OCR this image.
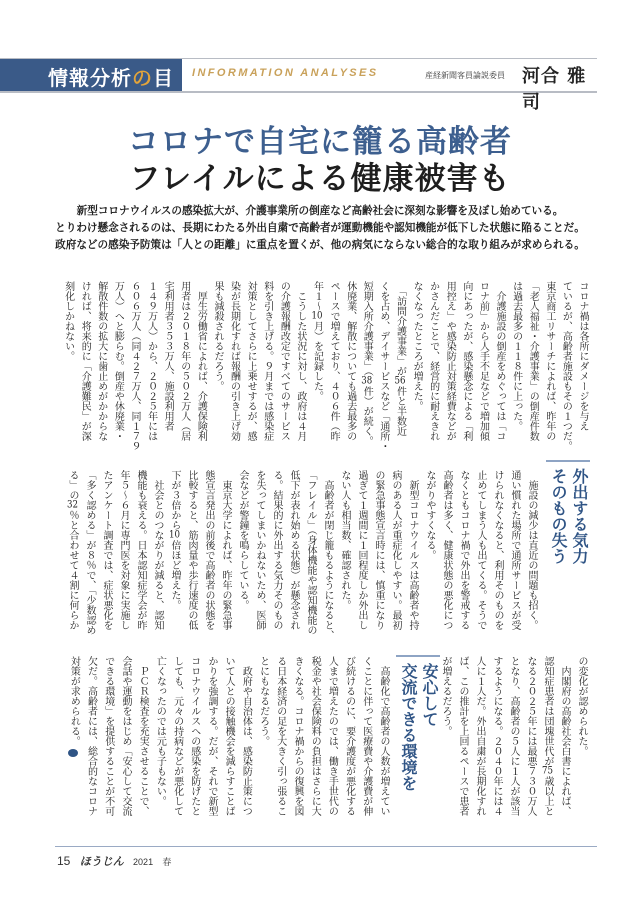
情報分析の目 INFORMATION ANALYSES	産経新聞客員論説委員 河合 雅司
コロナで自宅に籠る高齢者
フレイルによる健康被害も
新型コロナウイルスの感染拡大が、介護事業所の倒産など高齢社会に深刻な影響を及ぼし始めている。
とりわけ懸念されるのは、長期にわたる外出自粛で高齢者が運動機能や認知機能が低下した状態に陥ることだ。
政府などの感染予防策は「人との距離」に重点を置くが、他の病気にならない総合的な取り組みが求められる。
コロナ禍は各所にダメージを与え
ているが、高齢者施設もその１つだ。
東京商工リサーチによれば、昨年の
「老人福祉・介護事業」の倒産件数
は過去最多の１１８件に上った。
　介護施設の倒産をめぐっては「コ
ロナ前」から人手不足などで増加傾
向にあったが、感染懸念による「利
用控え」や感染防止対策経費などが
かさんだことで、経営的に耐えきれ
なくなったところが増えた。
　「訪問介護事業」が56件と半数近
くを占め、デイサービスなど「通所・
短期入所介護事業」（38件）が続く。
休廃業、解散についても過去最多の
ペースで増えており、４０６件（昨
年１～10月）を記録した。
　こうした状況に対し、政府は４月
の介護報酬改定ですべてのサービス
料を引き上げる。９月までは感染症
対策としてさらに上乗せするが、感
染が長期化すれば報酬の引き上げ効
果も減殺されるだろう。
　厚生労働省によれば、介護保険利
用者は２０１８年の５０２万人（居
宅利用者３５３万人、施設利用者
１４９万人）から、２０２５年には
６０６万人（同４２７万人、同１７９
万人）へと膨らむ。倒産や休廃業・
解散件数の拡大に歯止めがかからな
ければ、将来的に「介護難民」が深
刻化しかねない。
外出する気力
そのもの失う
　施設の減少は直近の問題も招く。
通い慣れた場所で通所サービスが受
けられなくなると、利用そのものを
止めてしまう人も出てくる。そうで
なくともコロナ禍で外出を警戒する
高齢者は多く、健康状態の悪化につ
ながりやすくなる。
　新型コロナウイルスは高齢者や持
病のある人が重症化しやすい。最初
の緊急事態宣言時には、慎重になり
過ぎて１週間に１回程度しか外出し
ない人も相当数、確認された。
　高齢者が閉じ籠もるようになると、
「フレイル」（身体機能や認知機能の
低下が表れ始める状態）が懸念され
る。結果的に外出する気力そのもの
を失ってしまいかねないため、医師
会などが警鐘を鳴らしている。
　東京大学によれば、昨年の緊急事
態宣言発出の前後で高齢者の状態を
比較すると、筋肉量や歩行速度の低
下が３倍から10倍ほど増えた。
　社会とのつながりが減ると、認知
機能も衰える。日本認知症学会が昨
年５～６月に専門医を対象に実施し
たアンケート調査では、症状悪化を
「多く認める」が８％で、「少数認め
る」の32％と合わせて４割に何らか
の変化が認められた。
　内閣府の高齢社会白書によれば、
認知症患者は団塊世代が75歳以上と
なる２０２５年には最悪７３０万人
となり、高齢者の５人に１人が該当
するようになる。２０４０年には４
人に１人だ。外出自粛が長期化すれ
ば、この推計を上回るペースで患者
が増えるだろう。
安心して
交流できる環境を
　高齢化で高齢者の人数が増えてい
くことに伴って医療費や介護費が伸
び続けるのに、要介護度が悪化する
人まで増えたのでは、働き手世代の
税金や社会保険料の負担はさらに大
きくなる。コロナ禍からの復興を図
る日本経済の足を大きく引っ張るこ
とにもなるだろう。
　政府や自治体は、感染防止策につ
いて人との接触機会を減らすことば
かりを強調する。だが、それで新型
コロナウイルスへの感染を防げたと
しても、元々の持病などが悪化して
亡くなったのでは元も子もない。
　ＰＣＲ検査を充実させることで、
会話や運動をはじめ「安心して交流
できる環境」を提供することが不可
欠だ。高齢者には、総合的なコロナ
対策が求められる。
15 ほうじん 2021 春
